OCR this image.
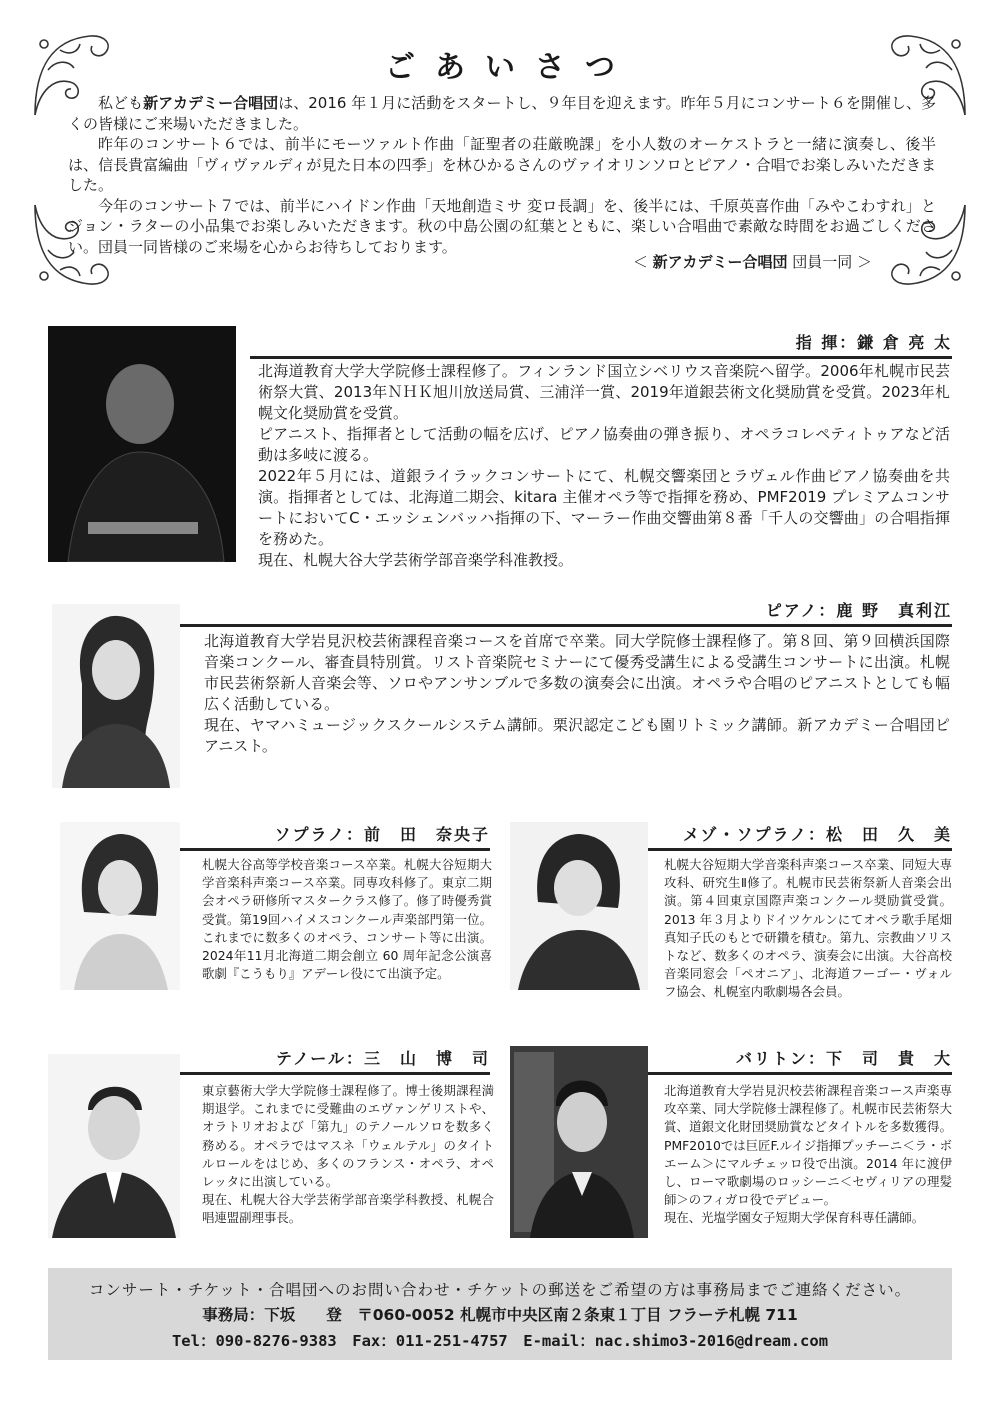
ごあいさつ

私ども新アカデミー合唱団は、2016 年１月に活動をスタートし、９年目を迎えます。昨年５月にコンサート６を開催し、多くの皆様にご来場いただきました。

昨年のコンサート６では、前半にモーツァルト作曲「証聖者の荘厳晩課」を小人数のオーケストラと一緒に演奏し、後半は、信長貴富編曲「ヴィヴァルディが見た日本の四季」を林ひかるさんのヴァイオリンソロとピアノ・合唱でお楽しみいただきました。

今年のコンサート７では、前半にハイドン作曲「天地創造ミサ 変ロ長調」を、後半には、千原英喜作曲「みやこわすれ」とジョン・ラターの小品集でお楽しみいただきます。秋の中島公園の紅葉とともに、楽しい合唱曲で素敵な時間をお過ごしください。団員一同皆様のご来場を心からお待ちしております。

＜ 新アカデミー合唱団 団員一同 ＞
指 揮：鎌 倉 亮 太

北海道教育大学大学院修士課程修了。フィンランド国立シベリウス音楽院へ留学。2006年札幌市民芸術祭大賞、2013年ＮＨＫ旭川放送局賞、三浦洋一賞、2019年道銀芸術文化奨励賞を受賞。2023年札幌文化奨励賞を受賞。

ピアニスト、指揮者として活動の幅を広げ、ピアノ協奏曲の弾き振り、オペラコレペティトゥアなど活動は多岐に渡る。

2022年５月には、道銀ライラックコンサートにて、札幌交響楽団とラヴェル作曲ピアノ協奏曲を共演。指揮者としては、北海道二期会、kitara 主催オペラ等で指揮を務め、PMF2019 プレミアムコンサートにおいてC・エッシェンバッハ指揮の下、マーラー作曲交響曲第８番「千人の交響曲」の合唱指揮を務めた。

現在、札幌大谷大学芸術学部音楽学科准教授。

ピアノ：鹿 野　真利江

北海道教育大学岩見沢校芸術課程音楽コースを首席で卒業。同大学院修士課程修了。第８回、第９回横浜国際音楽コンクール、審査員特別賞。リスト音楽院セミナーにて優秀受講生による受講生コンサートに出演。札幌市民芸術祭新人音楽会等、ソロやアンサンブルで多数の演奏会に出演。オペラや合唱のピアニストとしても幅広く活動している。

現在、ヤマハミュージックスクールシステム講師。栗沢認定こども園リトミック講師。新アカデミー合唱団ピアニスト。

ソプラノ：前　田　奈央子

札幌大谷高等学校音楽コース卒業。札幌大谷短期大学音楽科声楽コース卒業。同専攻科修了。東京二期会オペラ研修所マスタークラス修了。修了時優秀賞受賞。第19回ハイメスコンクール声楽部門第一位。これまでに数多くのオペラ、コンサート等に出演。2024年11月北海道二期会創立 60 周年記念公演喜歌劇『こうもり』アデーレ役にて出演予定。

メゾ・ソプラノ：松　田　久　美

札幌大谷短期大学音楽科声楽コース卒業、同短大専攻科、研究生Ⅱ修了。札幌市民芸術祭新人音楽会出演。第４回東京国際声楽コンクール奨励賞受賞。2013 年３月よりドイツケルンにてオペラ歌手尾畑真知子氏のもとで研鑽を積む。第九、宗教曲ソリストなど、数多くのオペラ、演奏会に出演。大谷高校音楽同窓会「ペオニア」、北海道フーゴー・ヴォルフ協会、札幌室内歌劇場各会員。

テノール：三　山　博　司

東京藝術大学大学院修士課程修了。博士後期課程満期退学。これまでに受難曲のエヴァンゲリストや、オラトリオおよび「第九」のテノールソロを数多く務める。オペラではマスネ「ウェルテル」のタイトルロールをはじめ、多くのフランス・オペラ、オペレッタに出演している。

現在、札幌大谷大学芸術学部音楽学科教授、札幌合唱連盟副理事長。

バリトン：下　司　貴　大

北海道教育大学岩見沢校芸術課程音楽コース声楽専攻卒業、同大学院修士課程修了。札幌市民芸術祭大賞、道銀文化財団奨励賞などタイトルを多数獲得。PMF2010では巨匠F.ルイジ指揮プッチーニ＜ラ・ボエーム＞にマルチェッロ役で出演。2014 年に渡伊し、ローマ歌劇場のロッシーニ＜セヴィリアの理髪師＞のフィガロ役でデビュー。

現在、光塩学園女子短期大学保育科専任講師。

コンサート・チケット・合唱団へのお問い合わせ・チケットの郵送をご希望の方は事務局までご連絡ください。
事務局：下坂　　登　〒060-0052 札幌市中央区南２条東１丁目 フラーテ札幌 711
Tel：090-8276-9383　Fax：011-251-4757　E-mail：nac.shimo3-2016@dream.com
